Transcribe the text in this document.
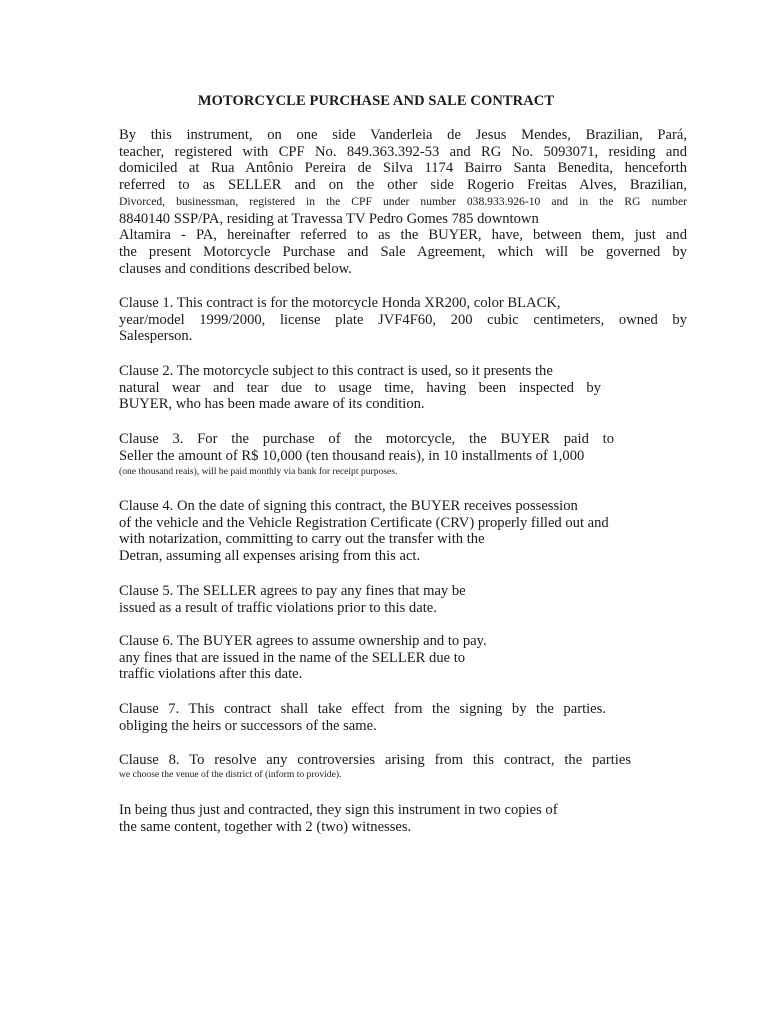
MOTORCYCLE PURCHASE AND SALE CONTRACT
By this instrument, on one side Vanderleia de Jesus Mendes, Brazilian, Pará,
teacher, registered with CPF No. 849.363.392-53 and RG No. 5093071, residing and
domiciled at Rua Antônio Pereira de Silva 1174 Bairro Santa Benedita, henceforth
referred to as SELLER and on the other side Rogerio Freitas Alves, Brazilian,
Divorced, businessman, registered in the CPF under number 038.933.926-10 and in the RG number
8840140 SSP/PA, residing at Travessa TV Pedro Gomes 785 downtown
Altamira - PA, hereinafter referred to as the BUYER, have, between them, just and
the present Motorcycle Purchase and Sale Agreement, which will be governed by
clauses and conditions described below.
Clause 1. This contract is for the motorcycle Honda XR200, color BLACK,
year/model 1999/2000, license plate JVF4F60, 200 cubic centimeters, owned by
Salesperson.
Clause 2. The motorcycle subject to this contract is used, so it presents the
natural wear and tear due to usage time, having been inspected by
BUYER, who has been made aware of its condition.
Clause 3. For the purchase of the motorcycle, the BUYER paid to
Seller the amount of R$ 10,000 (ten thousand reais), in 10 installments of 1,000
(one thousand reais), will be paid monthly via bank for receipt purposes.
Clause 4. On the date of signing this contract, the BUYER receives possession
of the vehicle and the Vehicle Registration Certificate (CRV) properly filled out and
with notarization, committing to carry out the transfer with the
Detran, assuming all expenses arising from this act.
Clause 5. The SELLER agrees to pay any fines that may be
issued as a result of traffic violations prior to this date.
Clause 6. The BUYER agrees to assume ownership and to pay.
any fines that are issued in the name of the SELLER due to
traffic violations after this date.
Clause 7. This contract shall take effect from the signing by the parties.
obliging the heirs or successors of the same.
Clause 8. To resolve any controversies arising from this contract, the parties
we choose the venue of the district of (inform to provide).
In being thus just and contracted, they sign this instrument in two copies of
the same content, together with 2 (two) witnesses.
